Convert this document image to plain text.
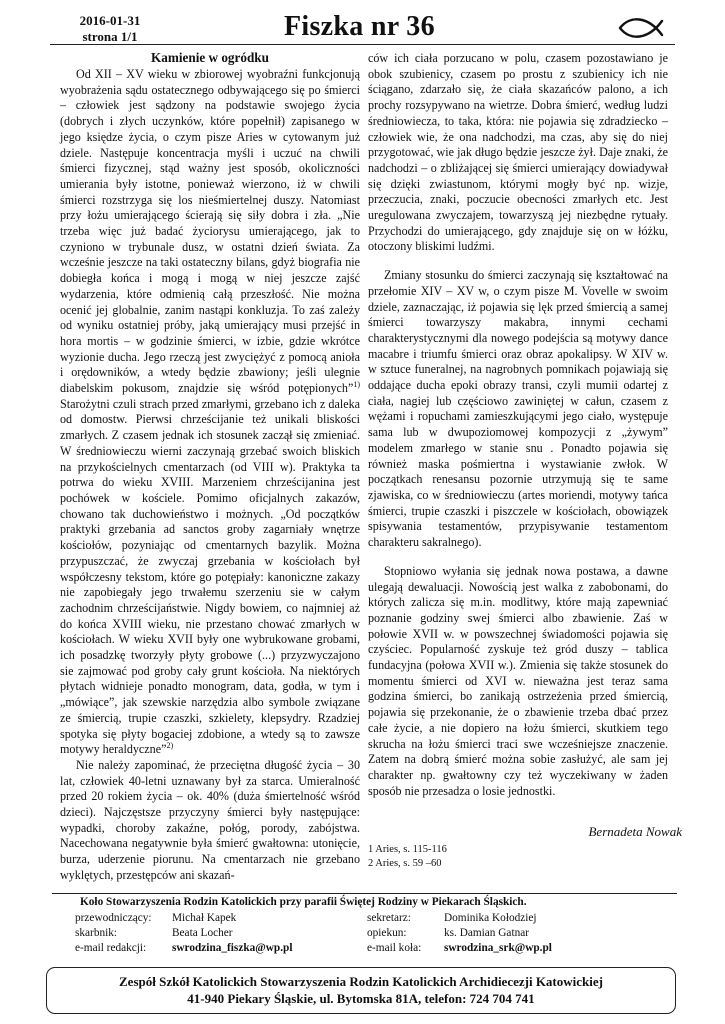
2016-01-31
strona 1/1	Fiszka nr 36
Kamienie w ogródku

Od XII – XV wieku w zbiorowej wyobraźni funkcjonują wyobrażenia sądu ostatecznego odbywającego się po śmierci – człowiek jest sądzony na podstawie swojego życia (dobrych i złych uczynków, które popełnił) zapisanego w jego księdze życia, o czym pisze Aries w cytowanym już dziele. Następuje koncentracja myśli i uczuć na chwili śmierci fizycznej, stąd ważny jest sposób, okoliczności umierania były istotne, ponieważ wierzono, iż w chwili śmierci rozstrzyga się los nieśmiertelnej duszy. Natomiast przy łożu umierającego ścierają się siły dobra i zła. „Nie trzeba więc już badać życiorysu umierającego, jak to czyniono w trybunale dusz, w ostatni dzień świata. Za wcześnie jeszcze na taki ostateczny bilans, gdyż biografia nie dobiegła końca i mogą i mogą w niej jeszcze zajść wydarzenia, które odmienią całą przeszłość. Nie można ocenić jej globalnie, zanim nastąpi konkluzja. To zaś zależy od wyniku ostatniej próby, jaką umierający musi przejść in hora mortis – w godzinie śmierci, w izbie, gdzie wkrótce wyzionie ducha. Jego rzeczą jest zwyciężyć z pomocą anioła i orędowników, a wtedy będzie zbawiony; jeśli ulegnie diabelskim pokusom, znajdzie się wśród potępionych”$^{1)}$ Starożytni czuli strach przed zmarłymi, grzebano ich z daleka od domostw. Pierwsi chrześcijanie też unikali bliskości zmarłych. Z czasem jednak ich stosunek zaczął się zmieniać. W średniowieczu wierni zaczynają grzebać swoich bliskich na przykościelnych cmentarzach (od VIII w). Praktyka ta potrwa do wieku XVIII. Marzeniem chrześcijanina jest pochówek w kościele. Pomimo oficjalnych zakazów, chowano tak duchowieństwo i możnych. „Od początków praktyki grzebania ad sanctos groby zagarniały wnętrze kościołów, pozyniając od cmentarnych bazylik. Można przypuszczać, że zwyczaj grzebania w kościołach był współczesny tekstom, które go potępiały: kanoniczne zakazy nie zapobiegały jego trwałemu szerzeniu sie w całym zachodnim chrześcijaństwie. Nigdy bowiem, co najmniej aż do końca XVIII wieku, nie przestano chować zmarłych w kościołach. W wieku XVII były one wybrukowane grobami, ich posadzkę tworzyły płyty grobowe (...) przyzwyczajono sie zajmować pod groby cały grunt kościoła. Na niektórych płytach widnieje ponadto monogram, data, godła, w tym i „mówiące”, jak szewskie narzędzia albo symbole związane ze śmiercią, trupie czaszki, szkielety, klepsydry. Rzadziej spotyka się płyty bogaciej zdobione, a wtedy są to zawsze motywy heraldyczne”$^{2)}$

Nie należy zapominać, że przeciętna długość życia – 30 lat, człowiek 40-letni uznawany był za starca. Umieralność przed 20 rokiem życia – ok. 40% (duża śmiertelność wśród dzieci). Najczęstsze przyczyny śmierci były następujące: wypadki, choroby zakaźne, połóg, porody, zabójstwa. Nacechowana negatywnie była śmierć gwałtowna: utonięcie, burza, uderzenie piorunu. Na cmentarzach nie grzebano wyklętych, przestępców ani skazań-

ców ich ciała porzucano w polu, czasem pozostawiano je obok szubienicy, czasem po prostu z szubienicy ich nie ściągano, zdarzało się, że ciała skazańców palono, a ich prochy rozsypywano na wietrze. Dobra śmierć, według ludzi średniowiecza, to taka, która: nie pojawia się zdradziecko – człowiek wie, że ona nadchodzi, ma czas, aby się do niej przygotować, wie jak długo będzie jeszcze żył. Daje znaki, że nadchodzi – o zbliżającej się śmierci umierający dowiadywał się dzięki zwiastunom, którymi mogły być np. wizje, przeczucia, znaki, poczucie obecności zmarłych etc. Jest uregulowana zwyczajem, towarzyszą jej niezbędne rytuały. Przychodzi do umierającego, gdy znajduje się on w łóżku, otoczony bliskimi ludźmi.

Zmiany stosunku do śmierci zaczynają się kształtować na przełomie XIV – XV w, o czym pisze M. Vovelle w swoim dziele, zaznaczając, iż pojawia się lęk przed śmiercią a samej śmierci towarzyszy makabra, innymi cechami charakterystycznymi dla nowego podejścia są motywy dance macabre i triumfu śmierci oraz obraz apokalipsy. W XIV w. w sztuce funeralnej, na nagrobnych pomnikach pojawiają się oddające ducha epoki obrazy transi, czyli mumii odartej z ciała, nagiej lub częściowo zawiniętej w całun, czasem z wężami i ropuchami zamieszkującymi jego ciało, występuje sama lub w dwupoziomowej kompozycji z „żywym” modelem zmarłego w stanie snu . Ponadto pojawia się również maska pośmiertna i wystawianie zwłok. W początkach renesansu pozornie utrzymują się te same zjawiska, co w średniowieczu (artes moriendi, motywy tańca śmierci, trupie czaszki i piszczele w kościołach, obowiązek spisywania testamentów, przypisywanie testamentom charakteru sakralnego).

Stopniowo wyłania się jednak nowa postawa, a dawne ulegają dewaluacji. Nowością jest walka z zabobonami, do których zalicza się m.in. modlitwy, które mają zapewniać poznanie godziny swej śmierci albo zbawienie. Zaś w połowie XVII w. w powszechnej świadomości pojawia się czyściec. Popularność zyskuje też gród duszy – tablica fundacyjna (połowa XVII w.). Zmienia się także stosunek do momentu śmierci od XVI w. nieważna jest teraz sama godzina śmierci, bo zanikają ostrzeżenia przed śmiercią, pojawia się przekonanie, że o zbawienie trzeba dbać przez całe życie, a nie dopiero na łożu śmierci, skutkiem tego skrucha na łożu śmierci traci swe wcześniejsze znaczenie. Zatem na dobrą śmierć można sobie zasłużyć, ale sam jej charakter np. gwałtowny czy też wyczekiwany w żaden sposób nie przesadza o losie jednostki.

Bernadeta Nowak
1 Aries, s. 115-116
2 Aries, s. 59 –60
Koło Stowarzyszenia Rodzin Katolickich przy parafii Świętej Rodziny w Piekarach Śląskich.
przewodniczący: Michał Kapek	sekretarz:	Dominika Kołodziej
skarbnik:	Beata Locher	opiekun:	ks. Damian Gatnar
e-mail redakcji: swrodzina_fiszka@wp.pl	e-mail koła: swrodzina_srk@wp.pl
Zespół Szkół Katolickich Stowarzyszenia Rodzin Katolickich Archidiecezji Katowickiej
41-940 Piekary Śląskie, ul. Bytomska 81A, telefon: 724 704 741
